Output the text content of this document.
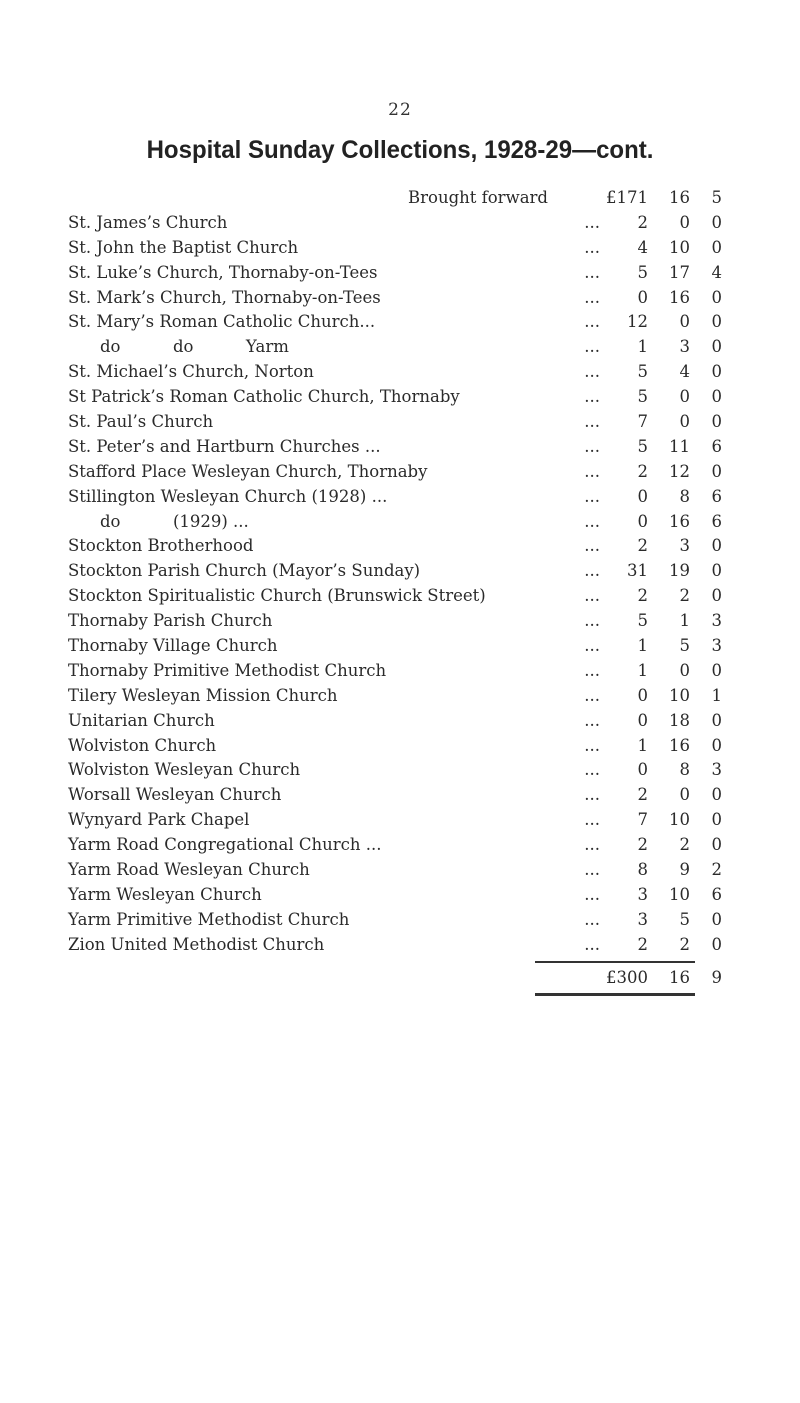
22
Hospital Sunday Collections, 1928-29—cont.
Brought forward	£171	16	5
St. James’s Church	...	2	0	0
St. John the Baptist Church	...	4	10	0
St. Luke’s Church, Thornaby-on-Tees	...	5	17	4
St. Mark’s Church, Thornaby-on-Tees	...	0	16	0
St. Mary’s Roman Catholic Church...	...	12	0	0
do          do          Yarm	...	1	3	0
St. Michael’s Church, Norton	...	5	4	0
St Patrick’s Roman Catholic Church, Thornaby	...	5	0	0
St. Paul’s Church	...	7	0	0
St. Peter’s and Hartburn Churches ...	...	5	11	6
Stafford Place Wesleyan Church, Thornaby	...	2	12	0
Stillington Wesleyan Church (1928) ...	...	0	8	6
do          (1929) ...	...	0	16	6
Stockton Brotherhood	...	2	3	0
Stockton Parish Church (Mayor’s Sunday)	...	31	19	0
Stockton Spiritualistic Church (Brunswick Street)	...	2	2	0
Thornaby Parish Church	...	5	1	3
Thornaby Village Church	...	1	5	3
Thornaby Primitive Methodist Church	...	1	0	0
Tilery Wesleyan Mission Church	...	0	10	1
Unitarian Church	...	0	18	0
Wolviston Church	...	1	16	0
Wolviston Wesleyan Church	...	0	8	3
Worsall Wesleyan Church	...	2	0	0
Wynyard Park Chapel	...	7	10	0
Yarm Road Congregational Church ...	...	2	2	0
Yarm Road Wesleyan Church	...	8	9	2
Yarm Wesleyan Church	...	3	10	6
Yarm Primitive Methodist Church	...	3	5	0
Zion United Methodist Church	...	2	2	0
£300	16	9
